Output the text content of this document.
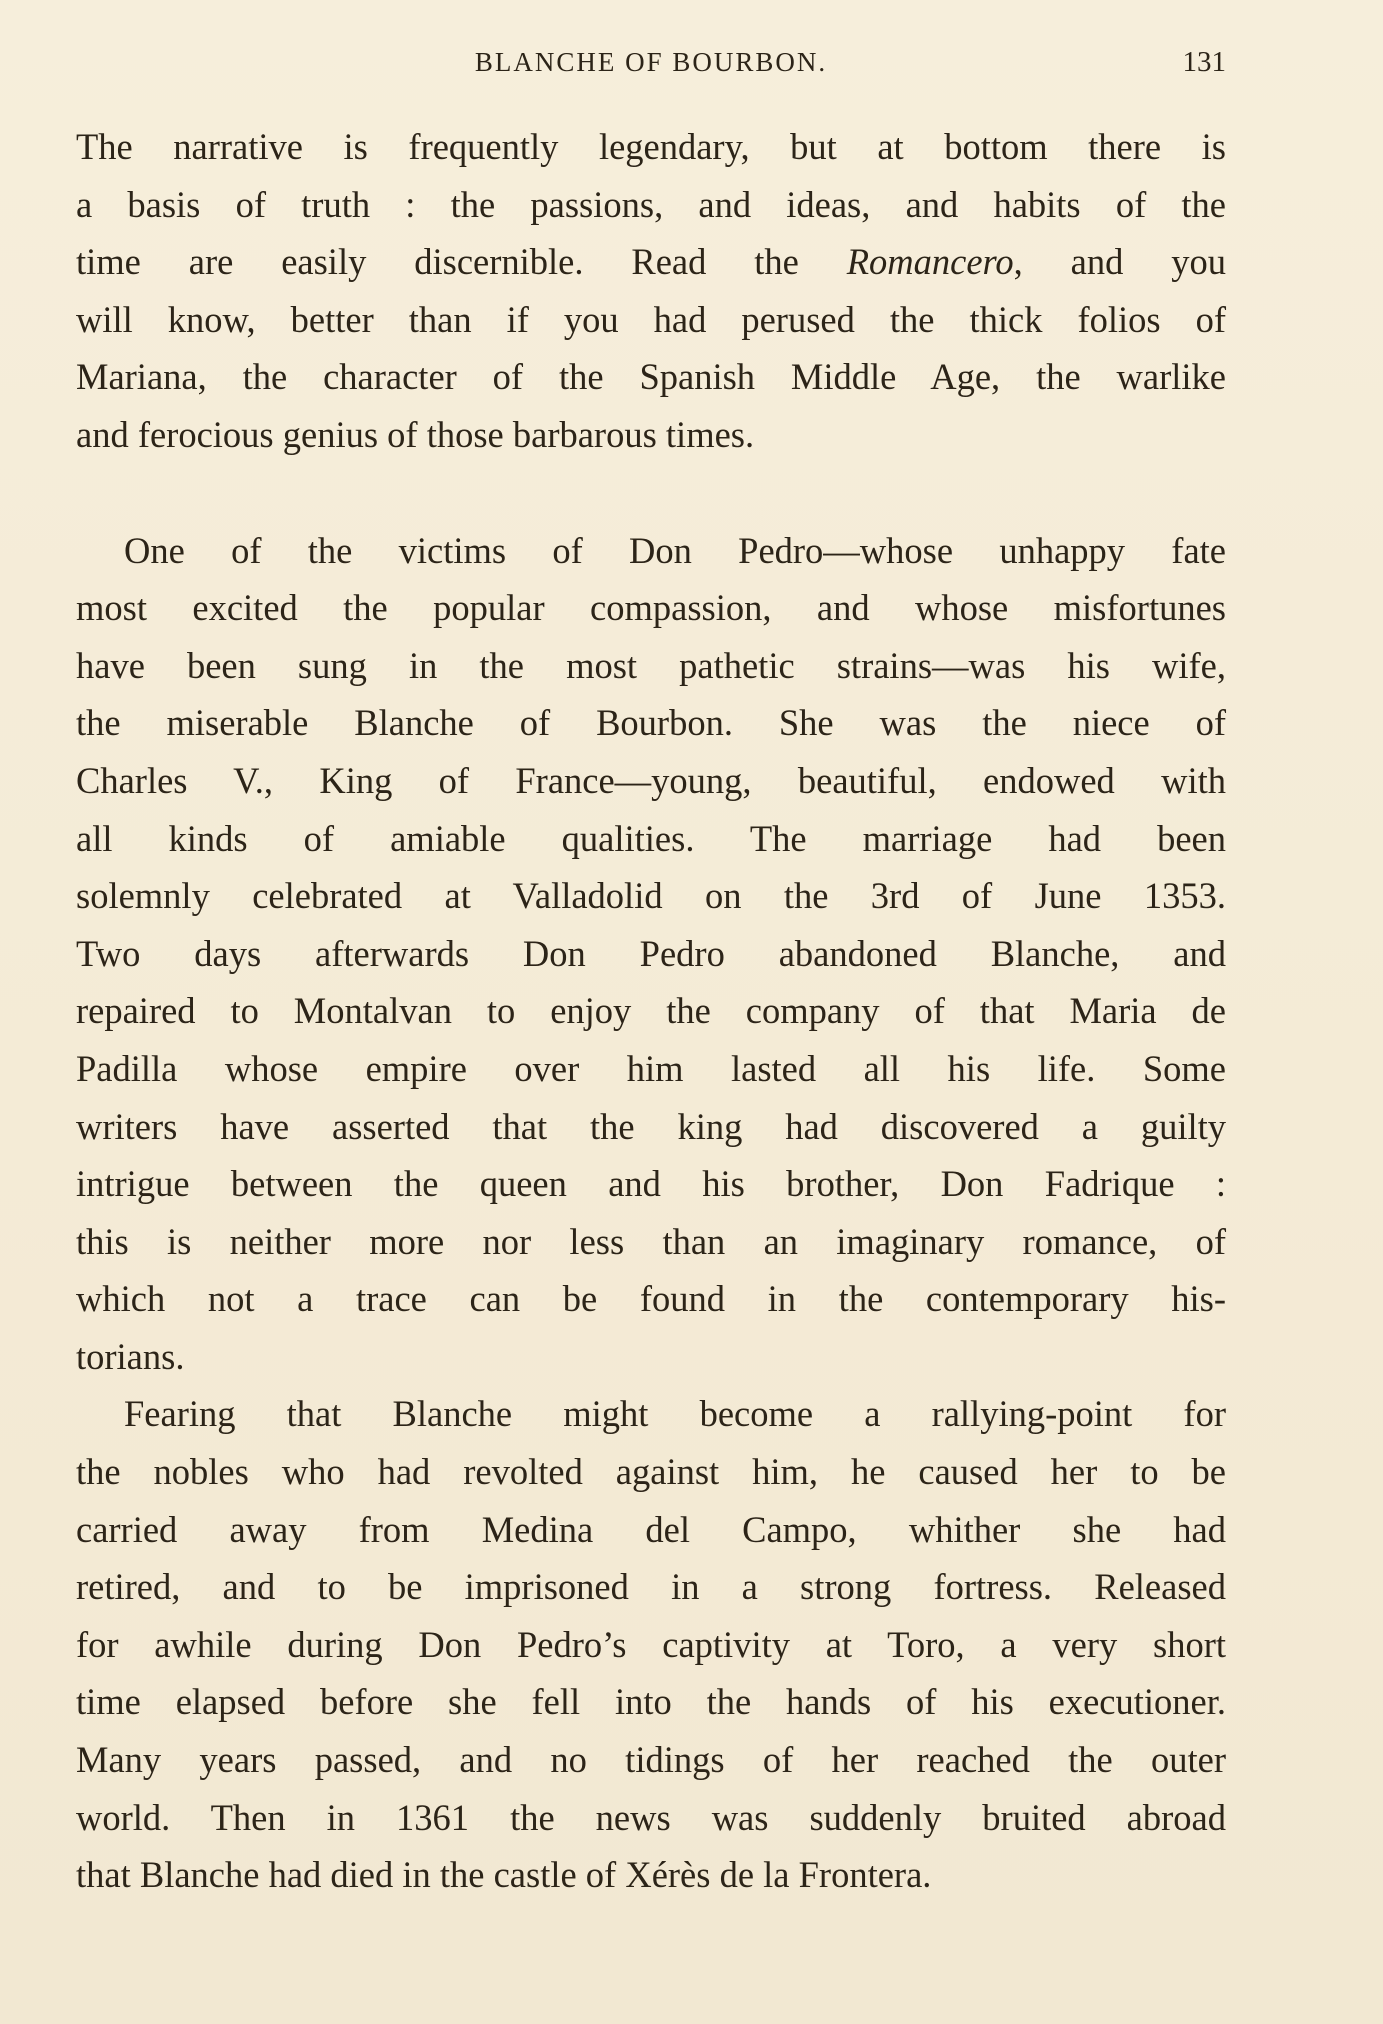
BLANCHE OF BOURBON.	131

The narrative is frequently legendary, but at bottom there is
a basis of truth : the passions, and ideas, and habits of the
time are easily discernible. Read the Romancero, and you
will know, better than if you had perused the thick folios of
Mariana, the character of the Spanish Middle Age, the warlike
and ferocious genius of those barbarous times.

One of the victims of Don Pedro—whose unhappy fate
most excited the popular compassion, and whose misfortunes
have been sung in the most pathetic strains—was his wife,
the miserable Blanche of Bourbon. She was the niece of
Charles V., King of France—young, beautiful, endowed with
all kinds of amiable qualities. The marriage had been
solemnly celebrated at Valladolid on the 3rd of June 1353.
Two days afterwards Don Pedro abandoned Blanche, and
repaired to Montalvan to enjoy the company of that Maria de
Padilla whose empire over him lasted all his life. Some
writers have asserted that the king had discovered a guilty
intrigue between the queen and his brother, Don Fadrique :
this is neither more nor less than an imaginary romance, of
which not a trace can be found in the contemporary his-
torians.

Fearing that Blanche might become a rallying-point for
the nobles who had revolted against him, he caused her to be
carried away from Medina del Campo, whither she had
retired, and to be imprisoned in a strong fortress. Released
for awhile during Don Pedro’s captivity at Toro, a very short
time elapsed before she fell into the hands of his executioner.
Many years passed, and no tidings of her reached the outer
world. Then in 1361 the news was suddenly bruited abroad
that Blanche had died in the castle of Xérès de la Frontera.
